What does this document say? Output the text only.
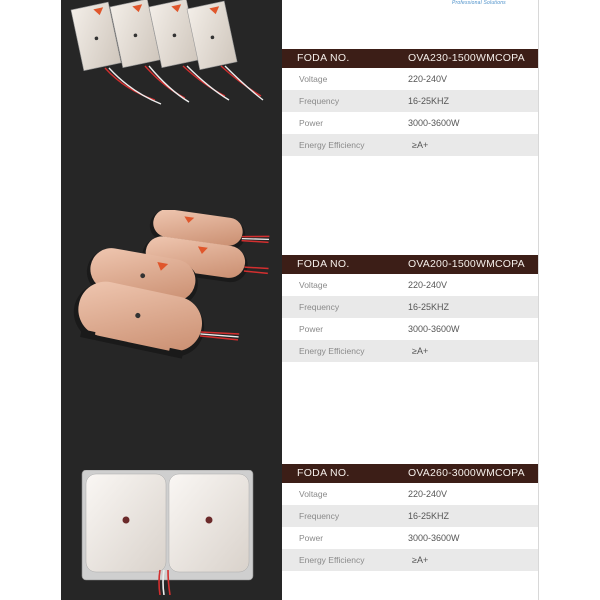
Professional Solutions
FODA NO.	OVA230-1500WMCOPA
Voltage	220-240V
Frequency	16-25KHZ
Power	3000-3600W
Energy Efficiency	≥A+
FODA NO.	OVA200-1500WMCOPA
Voltage	220-240V
Frequency	16-25KHZ
Power	3000-3600W
Energy Efficiency	≥A+
FODA NO.	OVA260-3000WMCOPA
Voltage	220-240V
Frequency	16-25KHZ
Power	3000-3600W
Energy Efficiency	≥A+
